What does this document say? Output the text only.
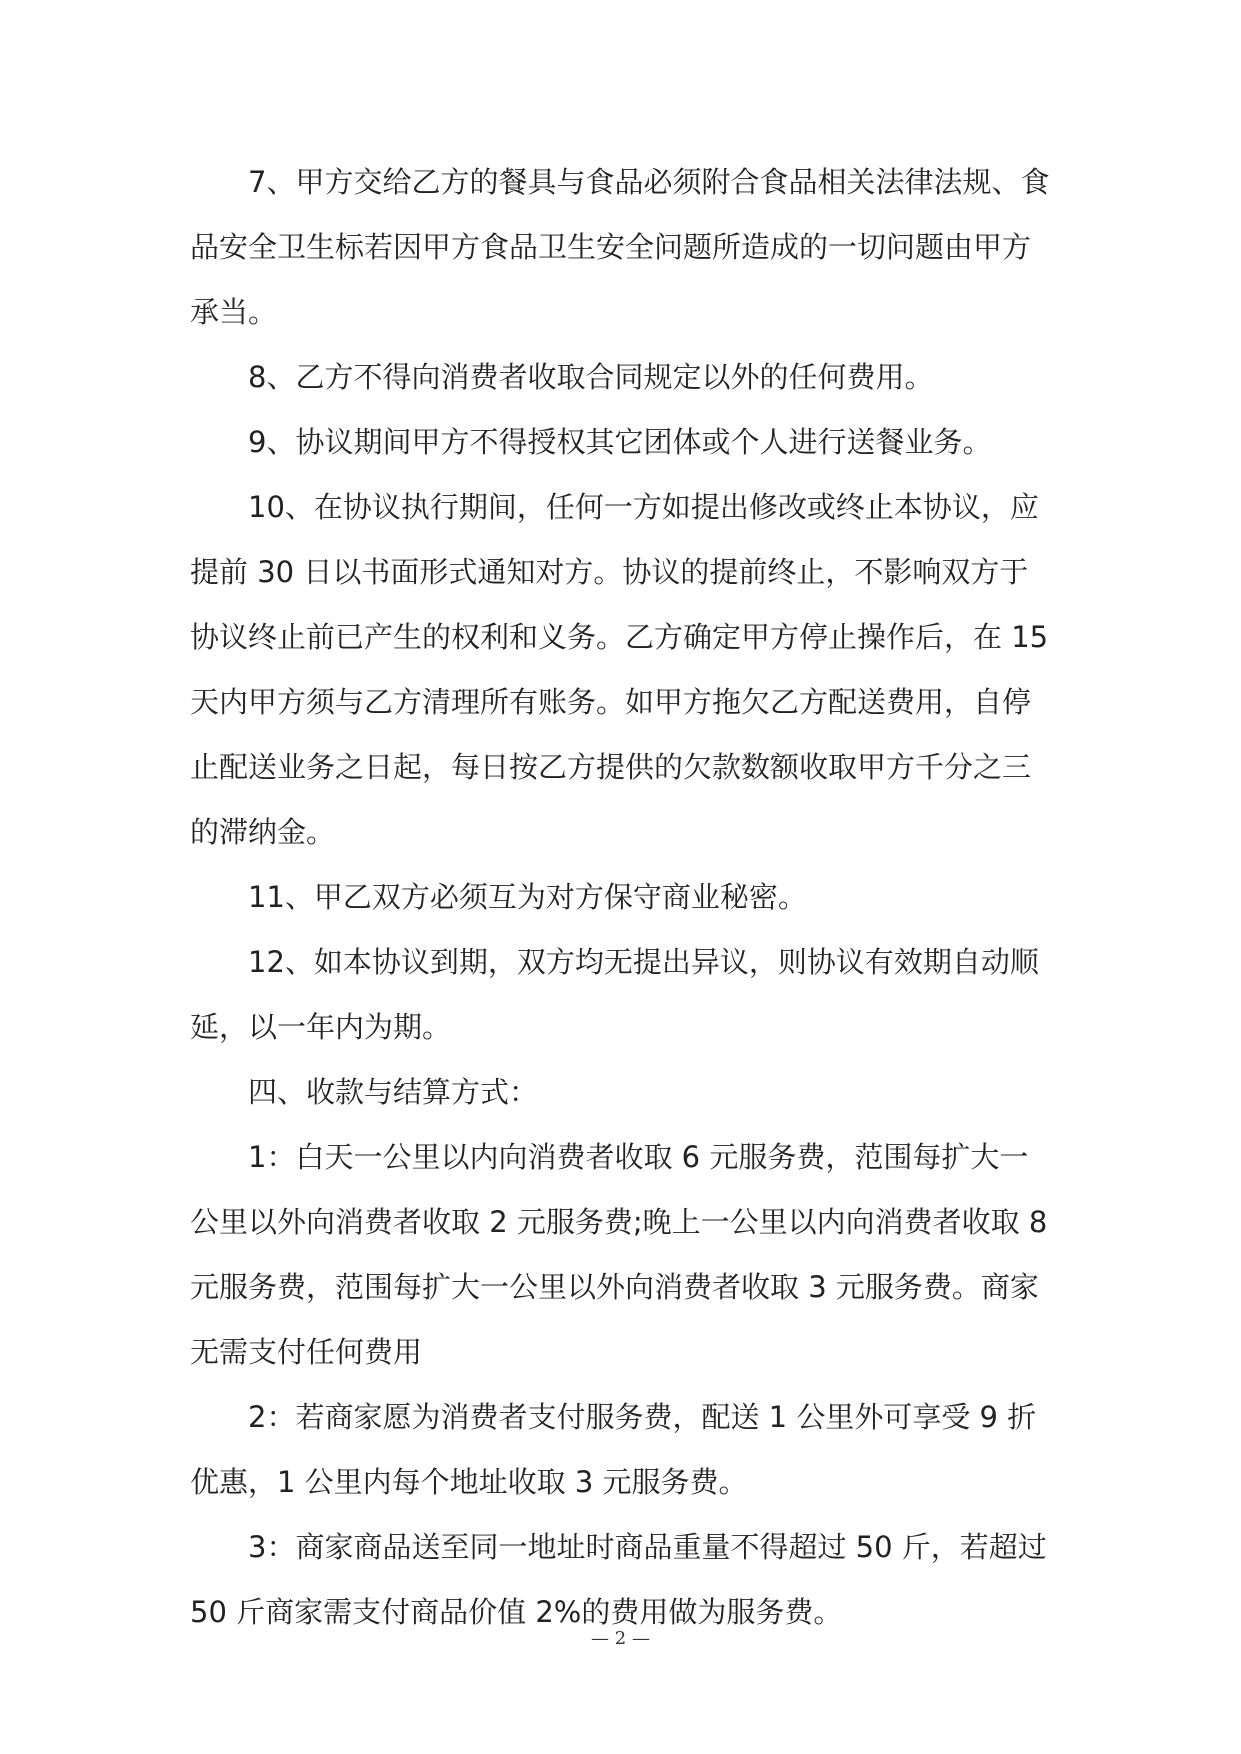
7、甲方交给乙方的餐具与食品必须附合食品相关法律法规、食品安全卫生标若因甲方食品卫生安全问题所造成的一切问题由甲方承当。

8、乙方不得向消费者收取合同规定以外的任何费用。

9、协议期间甲方不得授权其它团体或个人进行送餐业务。

10、在协议执行期间，任何一方如提出修改或终止本协议，应提前 30 日以书面形式通知对方。协议的提前终止，不影响双方于协议终止前已产生的权利和义务。乙方确定甲方停止操作后，在 15 天内甲方须与乙方清理所有账务。如甲方拖欠乙方配送费用，自停止配送业务之日起，每日按乙方提供的欠款数额收取甲方千分之三的滞纳金。

11、甲乙双方必须互为对方保守商业秘密。

12、如本协议到期，双方均无提出异议，则协议有效期自动顺延，以一年内为期。

四、收款与结算方式：

1：白天一公里以内向消费者收取 6 元服务费，范围每扩大一公里以外向消费者收取 2 元服务费;晚上一公里以内向消费者收取 8 元服务费，范围每扩大一公里以外向消费者收取 3 元服务费。商家无需支付任何费用

2：若商家愿为消费者支付服务费，配送 1 公里外可享受 9 折优惠，1 公里内每个地址收取 3 元服务费。

3：商家商品送至同一地址时商品重量不得超过 50 斤，若超过 50 斤商家需支付商品价值 2%的费用做为服务费。

— 2 —
